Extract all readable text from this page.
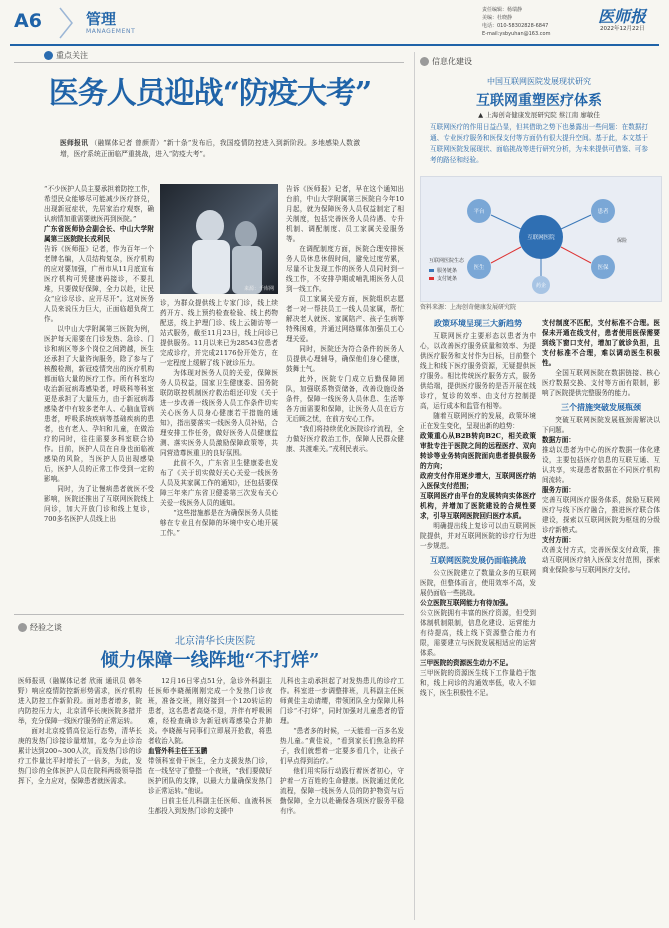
A6	管理
MANAGEMENT
责任编辑：杨瑞静
美编：杜晓静
电话：010-58302828-6847
E-mail:ysbyuhan@163.com
医师报
2022年12月22日
重点关注
医务人员迎战“防疫大考”
医师报讯 （融媒体记者 曾颜青）“新十条”发布后，我国疫情防控进入到新阶段。多地感染人数激增，医疗系统正面临严重挑战，进入“防疫大考”。

“不少医护人员主要承担着防控工作，希望民众能够尽可能减少医疗挤兑，出现新冠症状，先居家治疗观察，确认病情加重需要就医再到医院。”

广东省医师协会副会长、中山大学附属第三医院院长戎利民

告诉《医师报》记者，作为百年一个老牌名编，人员结构复杂，医疗机构的应对要加强，广州市从11月底宣布医疗机构可凭健康码接诊，不要扎堆，只要做好保障，全力以赴，让民众“应诊尽诊、应开尽开”。这对医务人员来说压力巨大，正面临超负荷工作。

以中山大学附属第三医院为例，医护每天需要在门诊发热、急诊、门诊和病区等多个岗位之间跨越，医生还承担了大量咨询服务，除了参与了核酸检测，新冠疫情突出的医疗机构都面临大量的医疗工作。所有科室均收治新冠病毒感染者，呼吸科等科室更是承担了大量压力，由于新冠病毒感染者中有较多老年人、心脑血管病患者，呼吸系统疾病等基础疾病的患者，也有老人、孕妇和儿童，在做治疗的同时，往往需要多科室联合协作。目前，医护人员在自身也面临被感染的风险，当医护人员出现感染后，医护人员的正常工作受到一定的影响。

同时，为了让慢病患者就医不受影响，医院还推出了互联网医院线上问诊，加大开放门诊和线上复诊，700多名医护人员线上出

来源：千库网

诊，为群众提供线上专家门诊，线上续药开方、线上预约检查检验、线上药物配送，线上护理门诊、线上云随访等一站式服务，截至11月23日，线上问诊已提供服务。11月以来已为28543位患者完成诊疗，并完成21176份开处方，在一定程度上缓解了线下就诊压力。

为体现对医务人员的关爱，保障医务人员权益，国家卫生健康委、国务院联防联控机制医疗救治组还印发《关于进一步改善一线医务人员工作条件切实关心医务人员身心健康若干措施的通知》，指出要落实一线医务人员补贴，合理安排工作任务，做好医务人员健康监测、落实医务人员激励保障政策等，共同营造尊医重卫的良好氛围。

此前不久，广东省卫生健康委也发布了《关于切实做好关心关爱一线医务人员及其家属工作的通知》，还包括要保障三年来广东省卫健委第三次发布关心关爱一线医务人员的通知。

“这些措施都是在为确保医务人员能够在专业且有保障的环境中安心地开展工作。”

告诉《医师报》记者，早在这个通知出台前，中山大学附属第三医院自今年10月起，就为保障医务人员权益制定了相关制度，包括完善医务人员待遇、专升机制、调配制度、员工家属关爱服务等。

在调配制度方面，医院合理安排医务人员休息休假时间，避免过度劳累，尽量不让发现工作的医务人员同时到一线工作，不安排孕期或哺乳期医务人员到一线工作。

员工家属关爱方面，医院组织志愿者一对一帮扶员工一线人员家属，帮忙解决老人就医、家属陪产、孩子生病等特殊困难，并通过网络媒体加强员工心理关爱。

同时，医院还为符合条件的医务人员提供心理辅导，确保他们身心健康，鼓舞士气。

此外，医院专门成立后勤保障团队，加强联系物资储备，改善设施设备条件，保障一线医务人员休息、生活等各方面需要和保障，让医务人员在后方无后顾之忧，在前方安心工作。

“我们将持续优化医院诊疗流程，全力做好医疗救治工作，保障人民群众健康、共渡难关。”戎利民表示。

经验之谈
北京清华长庚医院
倾力保障一线阵地“不打烊”

医师报讯（融媒体记者 欣雨 通讯员 韩冬野）响应疫情防控新形势需求，医疗机构进入防控工作新阶段。面对患者增多，院内防控压力大，北京清华长庚医院多措并举，充分保障一线医疗服务的正常运转。

面对北京疫情高位运行态势，清华长庚的发热门诊接诊量增加，迄今为止诊治累计达到200~300人次，而发热门诊的诊疗工作量比平时增长了一倍多，为此，发热门诊的全体医护人员在院科两级领导指挥下，全力应对，保障患者就医需求。

12月16日零点51分，急诊外科副主任医师李晓薇刚刚完成一个发热门诊夜班，准备交班，刚好接到一个120转运的患者，这名患者高烧不退，并伴有呼吸困难，经检查确诊为新冠病毒感染合并肺炎。李晓薇与同事们立即展开抢救，将患者收治入院。

血管外科主任王玉鹏

带领科室骨干医生，全力支援发热门诊，在一线坚守了整整一个夜班，“我们要做好医护团队的支撑，以最大力量确保发热门诊正常运转。”他说。

日前主任儿科副主任医师、血液科医生都投入到发热门诊的支援中

儿科也主动承担起了对发热患儿的诊疗工作。科室进一步调整排班，儿科副主任医师黄佳主动请缨，带领团队全力保障儿科门诊“不打烊”，同时加强对儿童患者的管理。

“患者多的时候，一天能看一百多名发热儿童。”黄佳说，“看到家长们焦急的样子，我们就想着一定要多看几个，让孩子们早点得到治疗。”

他们用实际行动践行着医者初心，守护着一方百姓的生命健康。医院通过优化流程，保障一线医务人员的防护物资与后勤保障，全力以赴确保各项医疗服务平稳有序。

信息化建设
中国互联网医院发展现状研究
互联网重塑医疗体系
▲ 上海创奇健康发展研究院 蔡江南 廖敏佳
互联网医疗的作用日益凸显，但其借助之势下也暴露出一些问题：在数据打通、专业医疗服务和医保支付等方面仍有很大提升空间。基于此，本文基于互联网医院发展现状、面临挑战等进行研究分析，为未来提供可借鉴、可参考的路径和经验。
互联网医院
平台	患者
医生	医保
药企
保险
互联网医院生态
服务链条
支付链条
资料来源：上海创奇健康发展研究院
政策环境呈现三大新趋势

互联网医疗主要形态以患者为中心，以改善医疗服务质量和效率、为提供医疗服务和支付作为目标，目前整个线上和线下医疗服务资源，无疑提供医疗服务。相比传统医疗服务方式，服务供给端，提供医疗服务的是否开展在线诊疗，复诊的效率、由支付方控制提高，运行成本和监管有相等。

随着互联网医疗的发展，政策环境正在发生变化，呈现出新的趋势：

政策重心从B2B转向B2C，相关政策审批专注于医院之间的远程医疗、双向转诊等业务转向医院面向患者提供服务的方向；

政府支付作用逐步增大，互联网医疗纳入医保支付范围；

互联网医疗由平台的发展转向实体医疗机构，并增加了医院建设的合规性要求，引导互联网医院回归医疗本质。

明确提出线上复诊可以由互联网医院提供，并对互联网医院的诊疗行为进一步规范。

互联网医院发展仍面临挑战

公立医院建立了数量众多的互联网医院，但整体而言，使用效率不高，发展仍面临一些挑战。

公立医院互联网能力有待加强。

公立医院拥有丰富的医疗资源，但受到体制机制限制，信息化建设、运营能力有待提高，线上线下资源整合能力有限，需要建立与医院发展相适应的运营体系。

三甲医院的资源医生动力不足。

三甲医院的资源医生线下工作量趋于饱和，线上问诊的沟通效率低，收入不如线下，医生积极性不足。

支付制度不匹配，支付标准不合理。医保未开通在线支付，患者使用医保需要到线下窗口支付，增加了就诊负担，且支付标准不合理，难以调动医生积极性。

全国互联网医院在数据链接、核心医疗数据交换、支付等方面有限制，影响了医院提供完整服务的能力。

三个措施突破发展瓶颈

突破互联网医院发展瓶颈需解决以下问题。

数据方面：

推动以患者为中心的医疗数据一体化建设，主要包括医疗信息的互联互通、互认共享，实现患者数据在不同医疗机构间流转。

服务方面：

完善互联网医疗服务体系，鼓励互联网医疗与线下医疗融合，推进医疗联合体建设，探索以互联网医院为枢纽的分级诊疗新模式。

支付方面：

改善支付方式，完善医保支付政策，推动互联网医疗纳入医保支付范围，探索商业保险参与互联网医疗支付。
